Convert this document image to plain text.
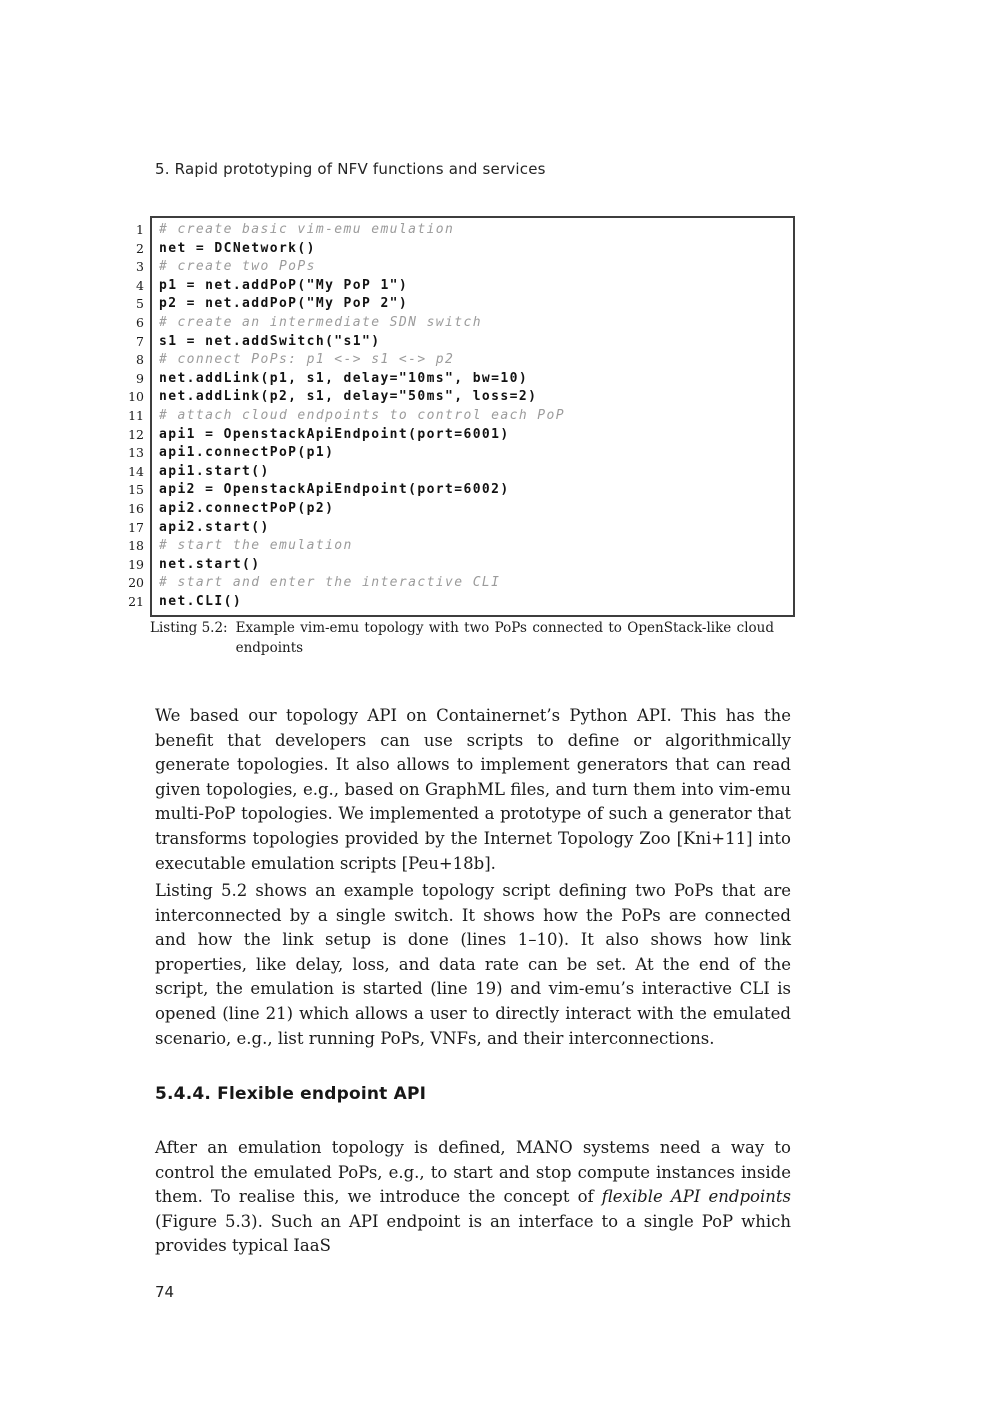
5. Rapid prototyping of NFV functions and services
1
2
3
4
5
6
7
8
9
10
11
12
13
14
15
16
17
18
19
20
21
# create basic vim-emu emulation
net = DCNetwork()
# create two PoPs
p1 = net.addPoP("My PoP 1")
p2 = net.addPoP("My PoP 2")
# create an intermediate SDN switch
s1 = net.addSwitch("s1")
# connect PoPs: p1 <-> s1 <-> p2
net.addLink(p1, s1, delay="10ms", bw=10)
net.addLink(p2, s1, delay="50ms", loss=2)
# attach cloud endpoints to control each PoP
api1 = OpenstackApiEndpoint(port=6001)
api1.connectPoP(p1)
api1.start()
api2 = OpenstackApiEndpoint(port=6002)
api2.connectPoP(p2)
api2.start()
# start the emulation
net.start()
# start and enter the interactive CLI
net.CLI()
Listing 5.2: Example vim-emu topology with two PoPs connected to OpenStack-like cloud endpoints
We based our topology API on Containernet’s Python API. This has the benefit that developers can use scripts to define or algorithmically generate topologies. It also allows to implement generators that can read given topologies, e.g., based on GraphML files, and turn them into vim-emu multi-PoP topologies. We implemented a prototype of such a generator that transforms topologies provided by the Internet Topology Zoo [Kni+11] into executable emulation scripts [Peu+18b].
Listing 5.2 shows an example topology script defining two PoPs that are interconnected by a single switch. It shows how the PoPs are connected and how the link setup is done (lines 1–10). It also shows how link properties, like delay, loss, and data rate can be set. At the end of the script, the emulation is started (line 19) and vim-emu’s interactive CLI is opened (line 21) which allows a user to directly interact with the emulated scenario, e.g., list running PoPs, VNFs, and their interconnections.
5.4.4. Flexible endpoint API
After an emulation topology is defined, MANO systems need a way to control the emulated PoPs, e.g., to start and stop compute instances inside them. To realise this, we introduce the concept of flexible API endpoints (Figure 5.3). Such an API endpoint is an interface to a single PoP which provides typical IaaS
74
